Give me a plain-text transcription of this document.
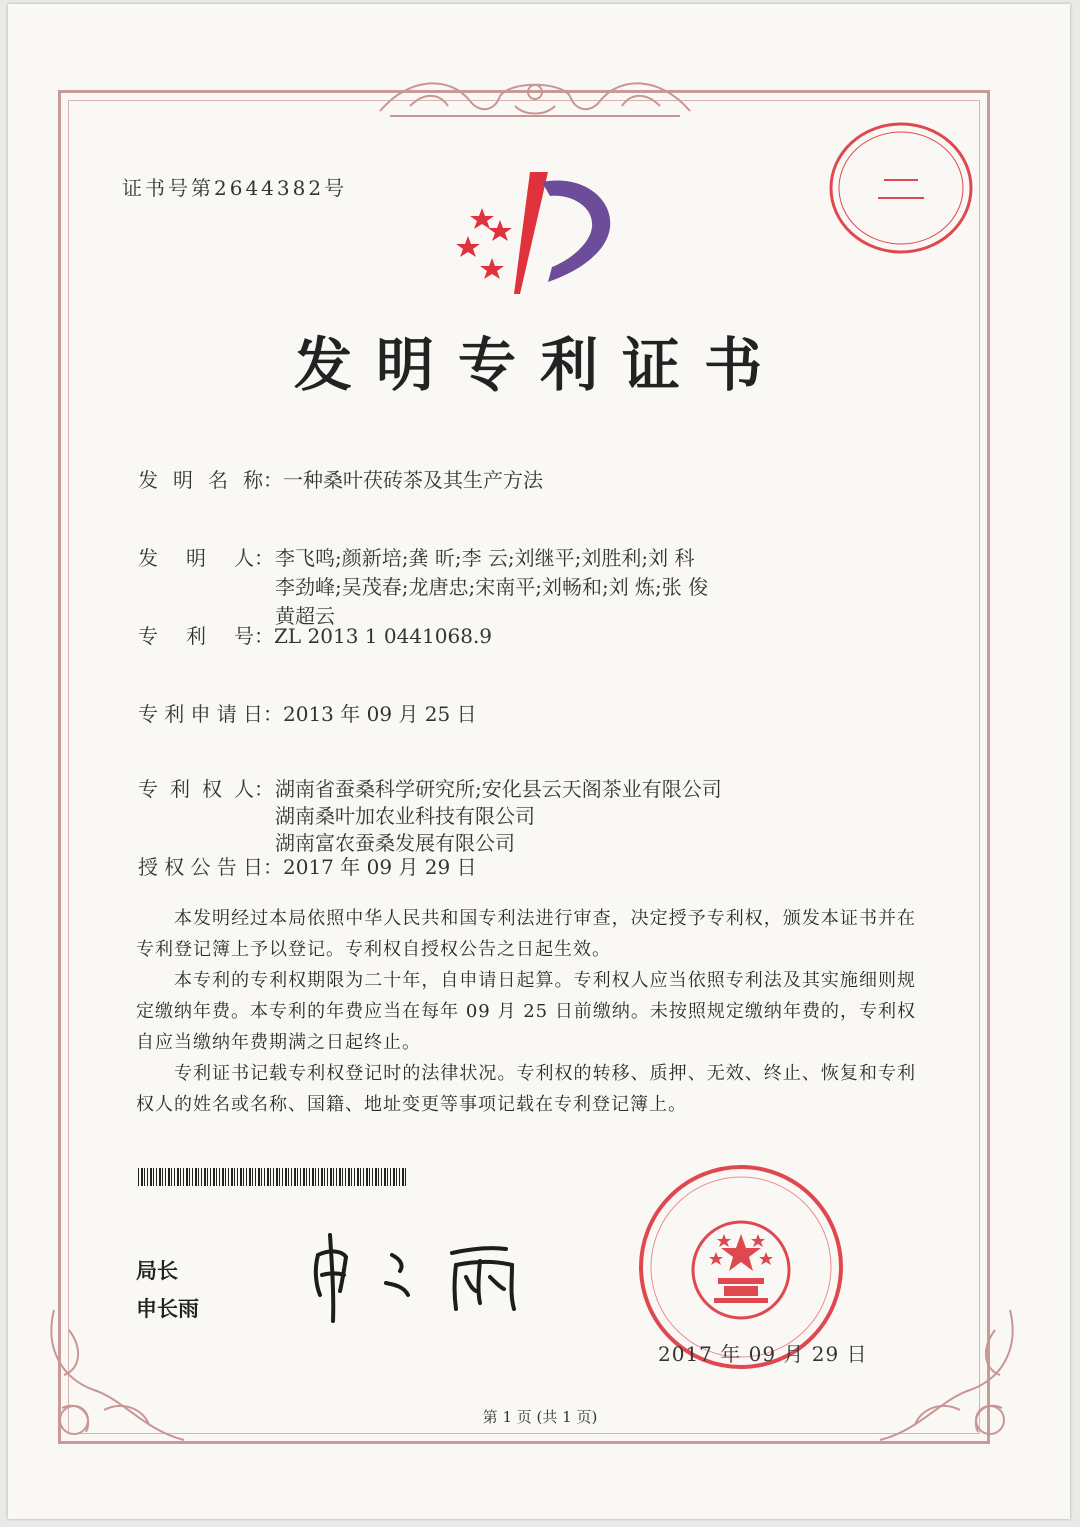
证书号第2644382号
发明专利证书
发 明 名 称 ：一种桑叶茯砖茶及其生产方法
发 明 人 ： 李飞鸣;颜新培;龚 昕;李 云;刘继平;刘胜利;刘 科
李劲峰;吴茂春;龙唐忠;宋南平;刘畅和;刘 炼;张 俊
黄超云
专 利 号 ：ZL 2013 1 0441068.9
专 利 申 请 日 ：2013 年 09 月 25 日
专 利 权 人 ： 湖南省蚕桑科学研究所;安化县云天阁茶业有限公司
湖南桑叶加农业科技有限公司
湖南富农蚕桑发展有限公司
授 权 公 告 日 ：2017 年 09 月 29 日

本发明经过本局依照中华人民共和国专利法进行审查，决定授予专利权，颁发本证书并在专利登记簿上予以登记。专利权自授权公告之日起生效。

本专利的专利权期限为二十年，自申请日起算。专利权人应当依照专利法及其实施细则规定缴纳年费。本专利的年费应当在每年 09 月 25 日前缴纳。未按照规定缴纳年费的，专利权自应当缴纳年费期满之日起终止。

专利证书记载专利权登记时的法律状况。专利权的转移、质押、无效、终止、恢复和专利权人的姓名或名称、国籍、地址变更等事项记载在专利登记簿上。

局长
申长雨
2017 年 09 月 29 日
第 1 页 (共 1 页)
